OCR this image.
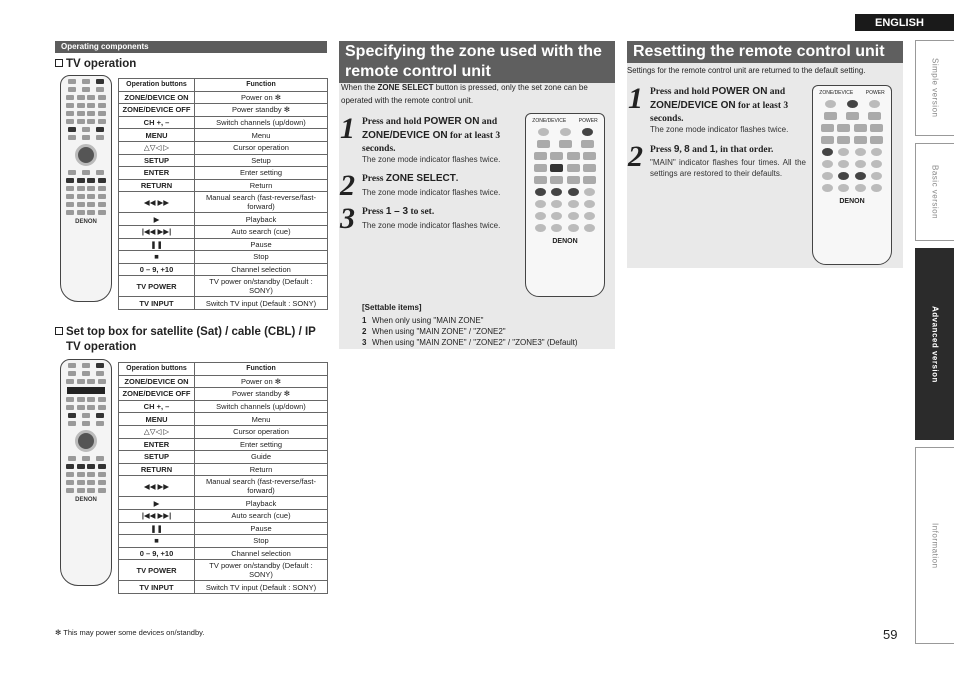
ENGLISH
Simple version
Basic version
Advanced version
Information
Operating components
TV operation
DENON
Operation buttons	Function
ZONE/DEVICE ON	Power on ✻
ZONE/DEVICE OFF	Power standby ✻
CH +, –	Switch channels (up/down)
MENU	Menu
△▽◁ ▷	Cursor operation
SETUP	Setup
ENTER	Enter setting
RETURN	Return
◀◀ ▶▶	Manual search (fast-reverse/fast-forward)
▶	Playback
|◀◀ ▶▶|	Auto search (cue)
❚❚	Pause
■	Stop
0 – 9, +10	Channel selection
TV POWER	TV power on/standby (Default : SONY)
TV INPUT	Switch TV input (Default : SONY)
Set top box for satellite (Sat) / cable (CBL) / IP
TV operation
DENON
Operation buttons	Function
ZONE/DEVICE ON	Power on ✻
ZONE/DEVICE OFF	Power standby ✻
CH +, –	Switch channels (up/down)
MENU	Menu
△▽◁ ▷	Cursor operation
ENTER	Enter setting
SETUP	Guide
RETURN	Return
◀◀ ▶▶	Manual search (fast-reverse/fast-forward)
▶	Playback
|◀◀ ▶▶|	Auto search (cue)
❚❚	Pause
■	Stop
0 – 9, +10	Channel selection
TV POWER	TV power on/standby (Default : SONY)
TV INPUT	Switch TV input (Default : SONY)
✻ This may power some devices on/standby.	59
Specifying the zone used with the
remote control unit
When the ZONE SELECT button is pressed, only the set zone can be operated with the remote control unit.
1 Press and hold POWER ON and
ZONE/DEVICE ON for at least 3
seconds.
The zone mode indicator flashes twice.
2 Press ZONE SELECT.
The zone mode indicator flashes twice.
3 Press 1 – 3 to set.
The zone mode indicator flashes twice.
ZONE/DEVICE	POWER
DENON
[Settable items]
1 When only using "MAIN ZONE"
2 When using "MAIN ZONE" / "ZONE2"
3 When using "MAIN ZONE" / "ZONE2" / "ZONE3" (Default)
Resetting the remote control unit
Settings for the remote control unit are returned to the default setting.
1 Press and hold POWER ON and
ZONE/DEVICE ON for at least 3
seconds.
The zone mode indicator flashes twice.
2 Press 9, 8 and 1, in that order.
"MAIN" indicator flashes four times. All the settings are restored to their defaults.
ZONE/DEVICE	POWER
DENON
